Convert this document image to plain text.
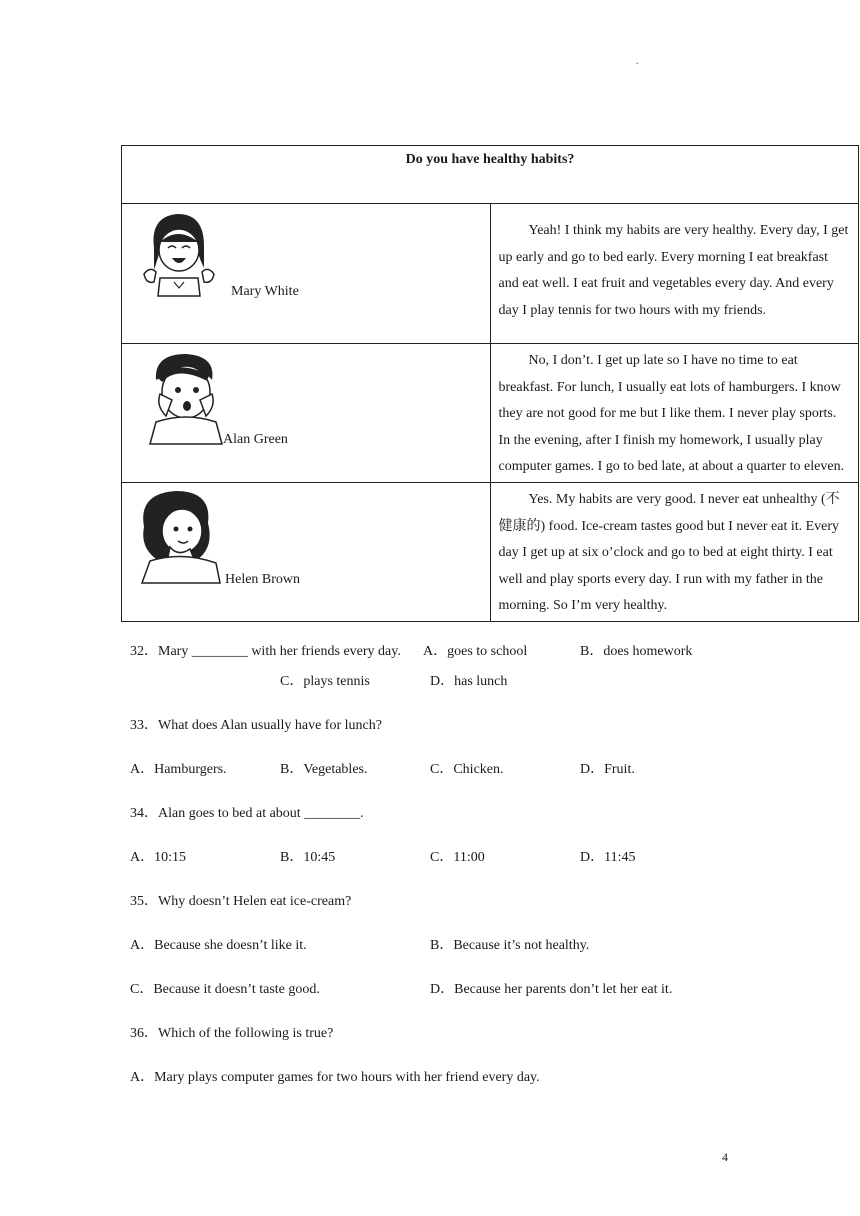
.
Do you have healthy habits?	

Mary White	Yeah! I think my habits are very healthy. Every day, I get up early and go to bed early. Every morning I eat breakfast and eat well. I eat fruit and vegetables every day. And every day I play tennis for two hours with my friends.

Alan Green	No, I don’t. I get up late so I have no time to eat breakfast. For lunch, I usually eat lots of hamburgers. I know they are not good for me but I like them. I never play sports. In the evening, after I finish my homework, I usually play computer games. I go to bed late, at about a quarter to eleven.

Helen Brown	Yes. My habits are very good. I never eat unhealthy (不健康的) food. Ice-cream tastes good but I never eat it. Every day I get up at six o’clock and go to bed at eight thirty. I eat well and play sports every day. I run with my father in the morning. So I’m very healthy.

32．Mary ________ with her friends every day. A．goes to school	B．does homework
C．plays tennis	D．has lunch
33．What does Alan usually have for lunch?
A．Hamburgers.	B．Vegetables.	C．Chicken.	D．Fruit.
34．Alan goes to bed at about ________.
A．10:15	B．10:45	C．11:00	D．11:45
35．Why doesn’t Helen eat ice-cream?
A．Because she doesn’t like it.	B．Because it’s not healthy.
C．Because it doesn’t taste good.	D．Because her parents don’t let her eat it.
36．Which of the following is true?
A．Mary plays computer games for two hours with her friend every day.
4
